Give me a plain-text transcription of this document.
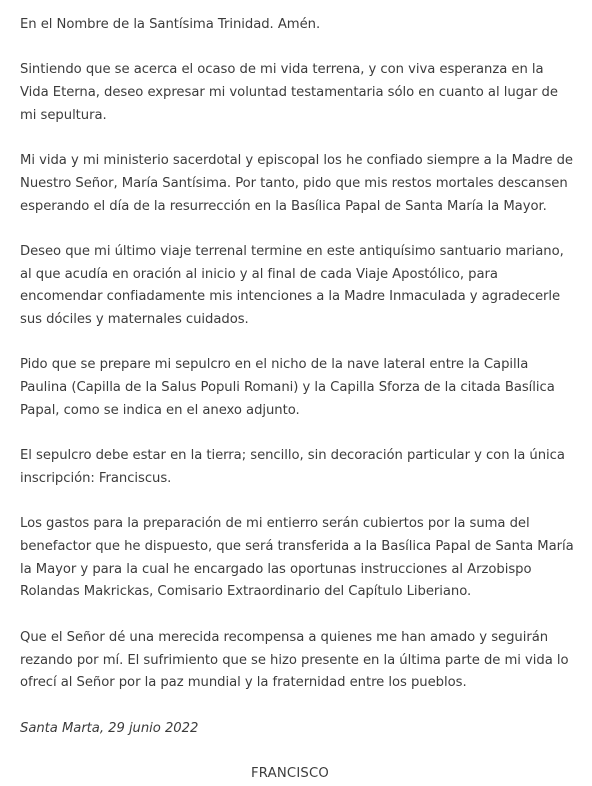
En el Nombre de la Santísima Trinidad. Amén.

Sintiendo que se acerca el ocaso de mi vida terrena, y con viva esperanza en la Vida Eterna, deseo expresar mi voluntad testamentaria sólo en cuanto al lugar de mi sepultura.

Mi vida y mi ministerio sacerdotal y episcopal los he confiado siempre a la Madre de Nuestro Señor, María Santísima. Por tanto, pido que mis restos mortales descansen esperando el día de la resurrección en la Basílica Papal de Santa María la Mayor.

Deseo que mi último viaje terrenal termine en este antiquísimo santuario mariano, al que acudía en oración al inicio y al final de cada Viaje Apostólico, para encomendar confiadamente mis intenciones a la Madre Inmaculada y agradecerle sus dóciles y maternales cuidados.

Pido que se prepare mi sepulcro en el nicho de la nave lateral entre la Capilla Paulina (Capilla de la Salus Populi Romani) y la Capilla Sforza de la citada Basílica Papal, como se indica en el anexo adjunto.

El sepulcro debe estar en la tierra; sencillo, sin decoración particular y con la única inscripción: Franciscus.

Los gastos para la preparación de mi entierro serán cubiertos por la suma del benefactor que he dispuesto, que será transferida a la Basílica Papal de Santa María la Mayor y para la cual he encargado las oportunas instrucciones al Arzobispo Rolandas Makrickas, Comisario Extraordinario del Capítulo Liberiano.

Que el Señor dé una merecida recompensa a quienes me han amado y seguirán rezando por mí. El sufrimiento que se hizo presente en la última parte de mi vida lo ofrecí al Señor por la paz mundial y la fraternidad entre los pueblos.

Santa Marta, 29 junio 2022

FRANCISCO
